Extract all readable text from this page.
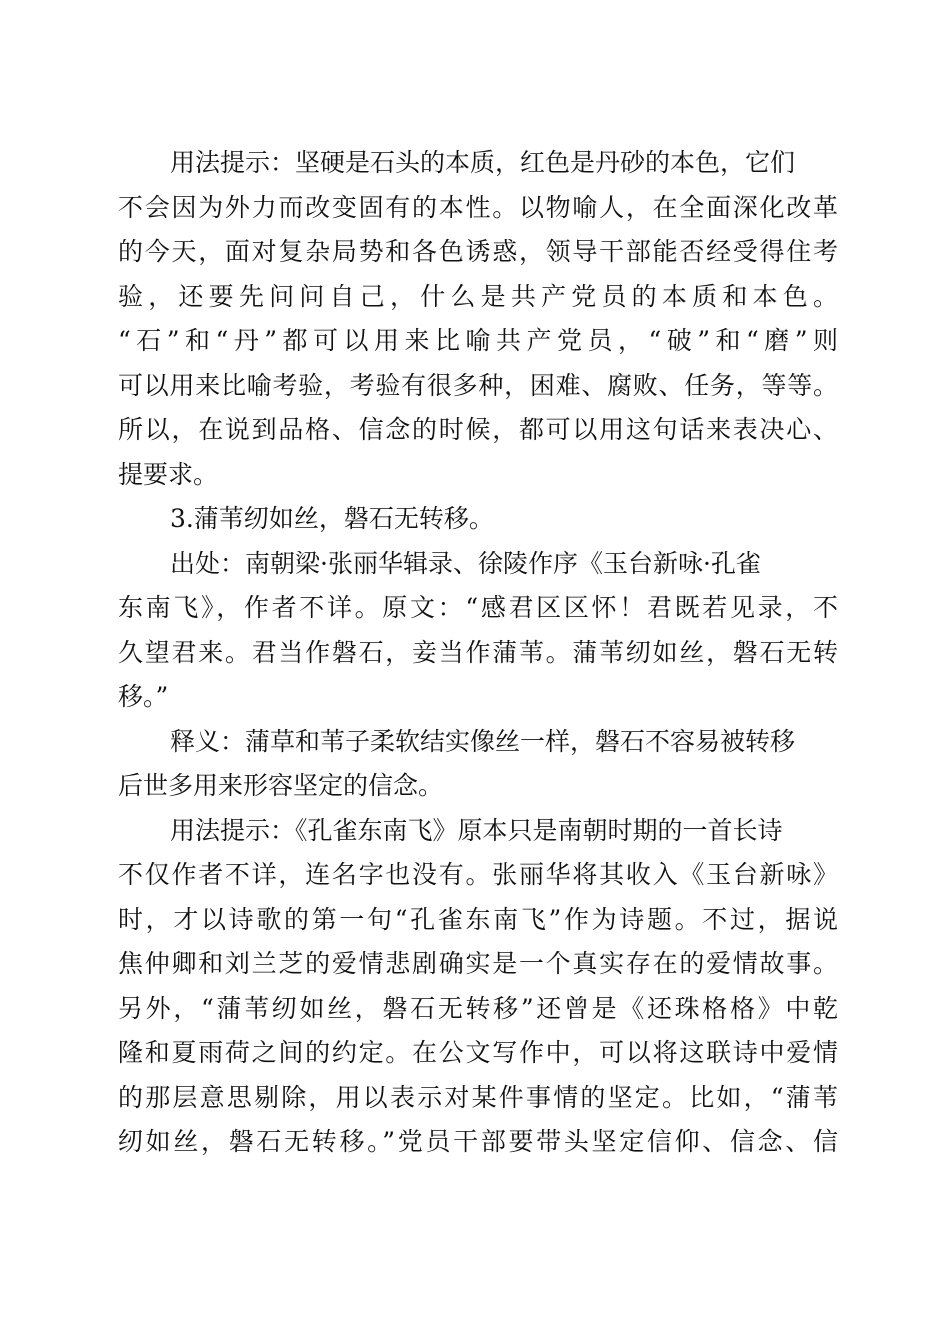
用法提示：坚硬是石头的本质，红色是丹砂的本色，它们

不会因为外力而改变固有的本性。以物喻人，在全面深化改革

的今天，面对复杂局势和各色诱惑，领导干部能否经受得住考

验，还要先问问自己，什么是共产党员的本质和本色。

“石”和“丹”都可以用来比喻共产党员，“破”和“磨”则

可以用来比喻考验，考验有很多种，困难、腐败、任务，等等。

所以，在说到品格、信念的时候，都可以用这句话来表决心、

提要求。

3.蒲苇纫如丝，磐石无转移。

出处：南朝梁·张丽华辑录、徐陵作序《玉台新咏·孔雀

东南飞》，作者不详。原文：“感君区区怀！君既若见录，不

久望君来。君当作磐石，妾当作蒲苇。蒲苇纫如丝，磐石无转

移。”

释义：蒲草和苇子柔软结实像丝一样，磐石不容易被转移

后世多用来形容坚定的信念。

用法提示：《孔雀东南飞》原本只是南朝时期的一首长诗

不仅作者不详，连名字也没有。张丽华将其收入《玉台新咏》

时，才以诗歌的第一句“孔雀东南飞”作为诗题。不过，据说

焦仲卿和刘兰芝的爱情悲剧确实是一个真实存在的爱情故事。

另外，“蒲苇纫如丝，磐石无转移”还曾是《还珠格格》中乾

隆和夏雨荷之间的约定。在公文写作中，可以将这联诗中爱情

的那层意思剔除，用以表示对某件事情的坚定。比如，“蒲苇

纫如丝，磐石无转移。”党员干部要带头坚定信仰、信念、信
